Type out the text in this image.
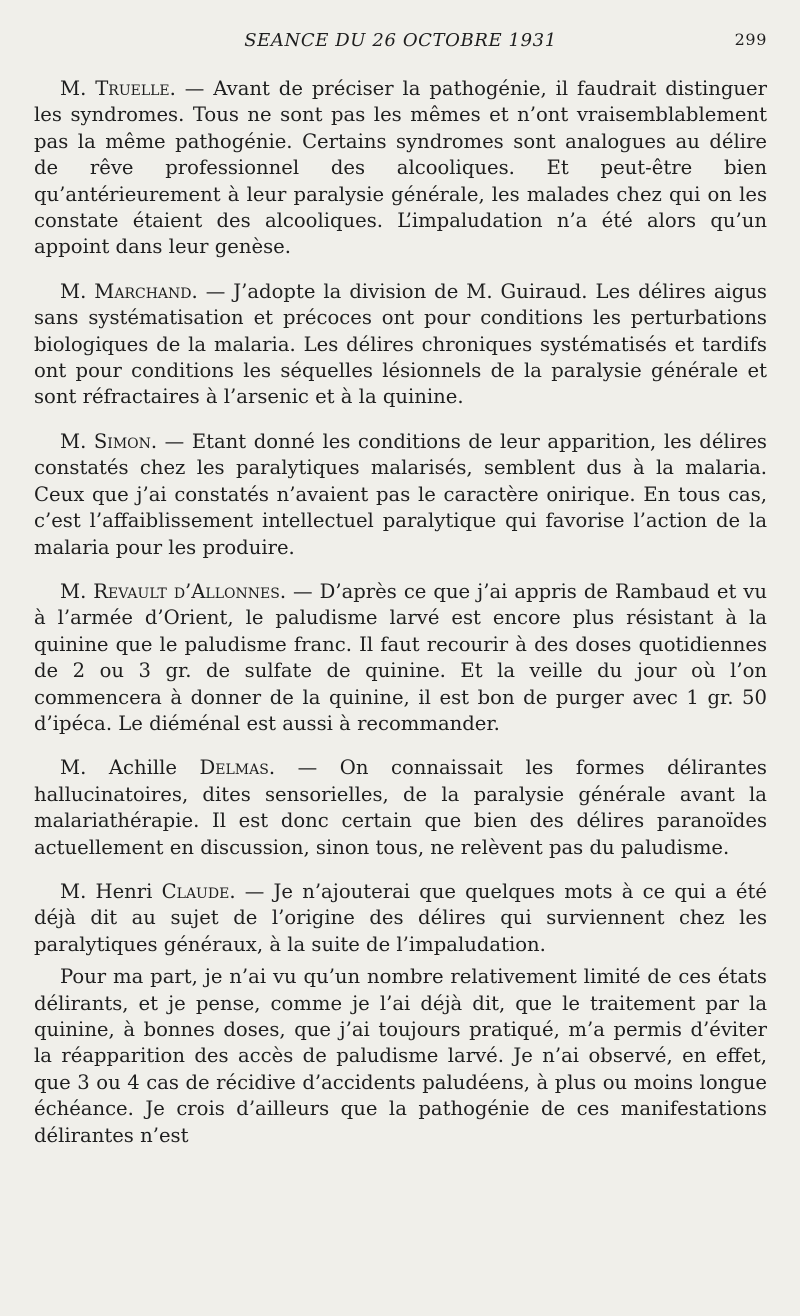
SEANCE DU 26 OCTOBRE 1931	299

M. Truelle. — Avant de préciser la pathogénie, il faudrait distinguer les syndromes. Tous ne sont pas les mêmes et n’ont vraisemblablement pas la même pathogénie. Certains syndromes sont analogues au délire de rêve professionnel des alcooliques. Et peut-être bien qu’antérieurement à leur paralysie générale, les malades chez qui on les constate étaient des alcooliques. L’impaludation n’a été alors qu’un appoint dans leur genèse.

M. Marchand. — J’adopte la division de M. Guiraud. Les délires aigus sans systématisation et précoces ont pour conditions les perturbations biologiques de la malaria. Les délires chroniques systématisés et tardifs ont pour conditions les séquelles lésionnels de la paralysie générale et sont réfractaires à l’arsenic et à la quinine.

M. Simon. — Etant donné les conditions de leur apparition, les délires constatés chez les paralytiques malarisés, semblent dus à la malaria. Ceux que j’ai constatés n’avaient pas le caractère onirique. En tous cas, c’est l’affaiblissement intellectuel paralytique qui favorise l’action de la malaria pour les produire.

M. Revault d’Allonnes. — D’après ce que j’ai appris de Rambaud et vu à l’armée d’Orient, le paludisme larvé est encore plus résistant à la quinine que le paludisme franc. Il faut recourir à des doses quotidiennes de 2 ou 3 gr. de sulfate de quinine. Et la veille du jour où l’on commencera à donner de la quinine, il est bon de purger avec 1 gr. 50 d’ipéca. Le diéménal est aussi à recommander.

M. Achille Delmas. — On connaissait les formes délirantes hallucinatoires, dites sensorielles, de la paralysie générale avant la malariathérapie. Il est donc certain que bien des délires paranoïdes actuellement en discussion, sinon tous, ne relèvent pas du paludisme.

M. Henri Claude. — Je n’ajouterai que quelques mots à ce qui a été déjà dit au sujet de l’origine des délires qui surviennent chez les paralytiques généraux, à la suite de l’impaludation.

Pour ma part, je n’ai vu qu’un nombre relativement limité de ces états délirants, et je pense, comme je l’ai déjà dit, que le traitement par la quinine, à bonnes doses, que j’ai toujours pratiqué, m’a permis d’éviter la réapparition des accès de paludisme larvé. Je n’ai observé, en effet, que 3 ou 4 cas de récidive d’accidents paludéens, à plus ou moins longue échéance. Je crois d’ailleurs que la pathogénie de ces manifestations délirantes n’est
